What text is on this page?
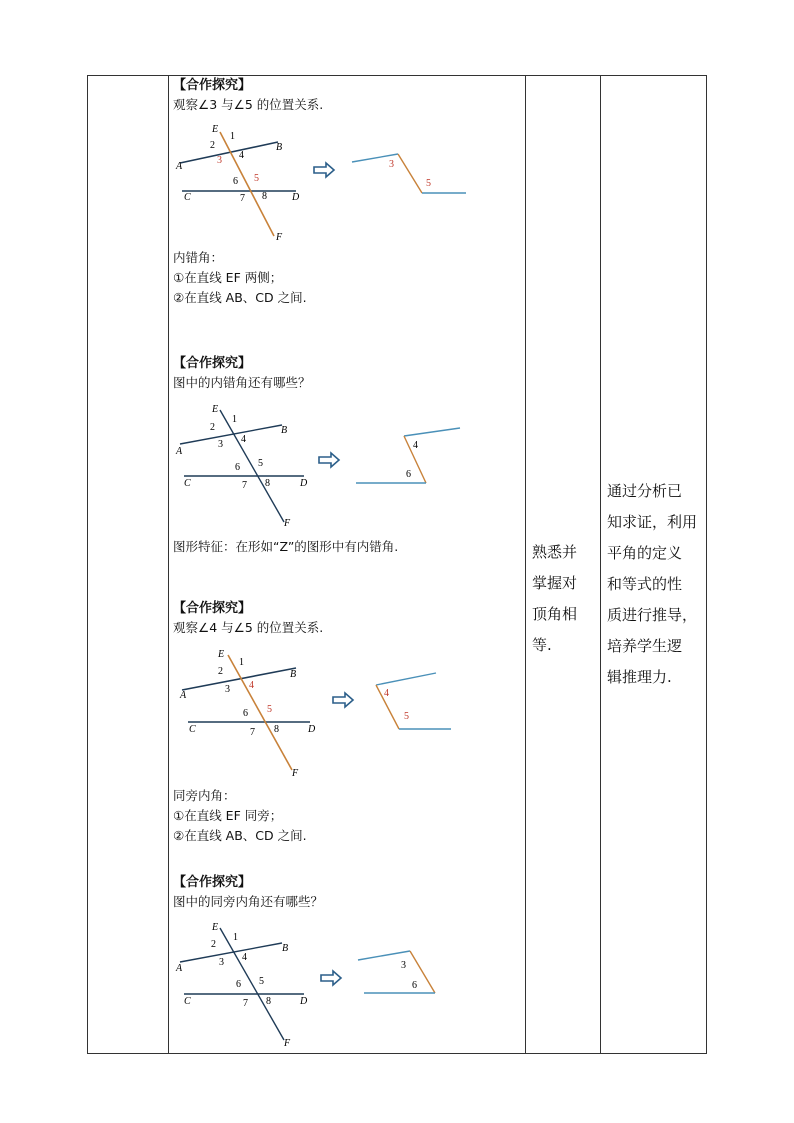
【合作探究】
观察∠3 与∠5 的位置关系.
E
1
2
3 4
B
A
6 5
C	7 8	D
F
3
5
内错角：
①在直线 EF 两侧；
②在直线 AB、CD 之间.
【合作探究】
图中的内错角还有哪些？
E
1
2
3 4
B
A
6 5
C	7 8	D
F
4
6
图形特征：在形如“Z”的图形中有内错角.
【合作探究】
观察∠4 与∠5 的位置关系.
E
1
2
3 4
B
A
6 5
C	7 8	D
F
4
5
同旁内角：
①在直线 EF 同旁；
②在直线 AB、CD 之间.
【合作探究】
图中的同旁内角还有哪些？
E
1
2
3 4
B
A
6 5
C	7 8	D
F
3
6
熟悉并
掌握对
顶角相
等.
通过分析已
知求证，利用
平角的定义
和等式的性
质进行推导，
培养学生逻
辑推理力.
